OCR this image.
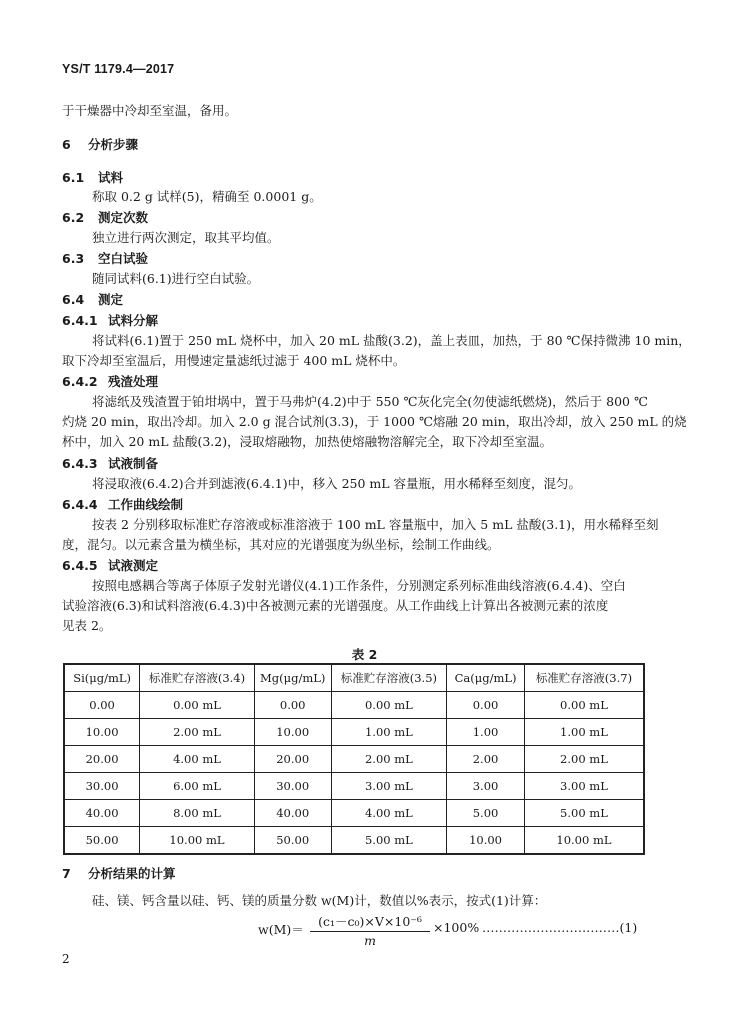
YS/T 1179.4—2017
于干燥器中冷却至室温，备用。
6 分析步骤
6.1 试料
称取 0.2 g 试样(5)，精确至 0.0001 g。
6.2 测定次数
独立进行两次测定，取其平均值。
6.3 空白试验
随同试料(6.1)进行空白试验。
6.4 测定
6.4.1 试料分解
将试料(6.1)置于 250 mL 烧杯中，加入 20 mL 盐酸(3.2)，盖上表皿，加热，于 80 ℃保持微沸 10 min，
取下冷却至室温后，用慢速定量滤纸过滤于 400 mL 烧杯中。
6.4.2 残渣处理
将滤纸及残渣置于铂坩埚中，置于马弗炉(4.2)中于 550 ℃灰化完全(勿使滤纸燃烧)，然后于 800 ℃
灼烧 20 min，取出冷却。加入 2.0 g 混合试剂(3.3)，于 1000 ℃熔融 20 min，取出冷却，放入 250 mL 的烧
杯中，加入 20 mL 盐酸(3.2)，浸取熔融物，加热使熔融物溶解完全，取下冷却至室温。
6.4.3 试液制备
将浸取液(6.4.2)合并到滤液(6.4.1)中，移入 250 mL 容量瓶，用水稀释至刻度，混匀。
6.4.4 工作曲线绘制
按表 2 分别移取标准贮存溶液或标准溶液于 100 mL 容量瓶中，加入 5 mL 盐酸(3.1)，用水稀释至刻
度，混匀。以元素含量为横坐标，其对应的光谱强度为纵坐标，绘制工作曲线。
6.4.5 试液测定
按照电感耦合等离子体原子发射光谱仪(4.1)工作条件，分别测定系列标准曲线溶液(6.4.4)、空白
试验溶液(6.3)和试料溶液(6.4.3)中各被测元素的光谱强度。从工作曲线上计算出各被测元素的浓度
见表 2。
表 2
Si(μg/mL)	标准贮存溶液(3.4)	Mg(μg/mL)	标准贮存溶液(3.5)	Ca(μg/mL)	标准贮存溶液(3.7)
0.00	0.00 mL	0.00	0.00 mL	0.00	0.00 mL
10.00	2.00 mL	10.00	1.00 mL	1.00	1.00 mL
20.00	4.00 mL	20.00	2.00 mL	2.00	2.00 mL
30.00	6.00 mL	30.00	3.00 mL	3.00	3.00 mL
40.00	8.00 mL	40.00	4.00 mL	5.00	5.00 mL
50.00	10.00 mL	50.00	5.00 mL	10.00	10.00 mL
7 分析结果的计算
硅、镁、钙含量以硅、钙、镁的质量分数 w(M)计，数值以%表示，按式(1)计算：
$w(M)= \frac{\text{(c₁－c₀)×V×10⁻⁶}}{m} \times 100\%$ ……………………………(1)
2
